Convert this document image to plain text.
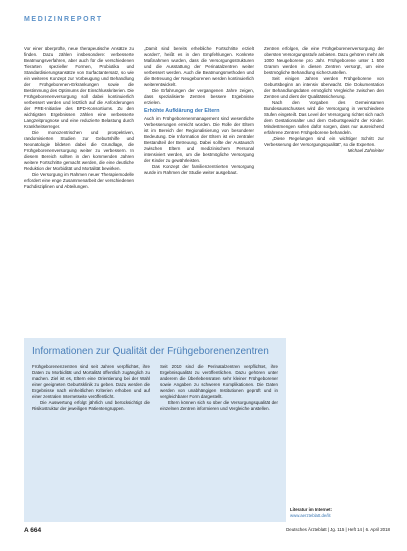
MEDIZINREPORT

Vor einer überprüfte, neue therapeutische Ansätze zu finden. Dazu zählen insbesondere: verbesserte Beatmungsverfahren, aber auch für die verschiedenen Tierarten spezieller Formen, Probiotika und Standardisierungsansätze von Surfactantersatz, so wie ein weiteres Konzept zur Vorbeugung und Behandlung der Frühgeborenen-Erkrankungen sowie die Bestimmung des Optimums der Einschlusskriterien. Die Frühgeborenenversorgung soll dabei kontinuierlich verbessert werden und letztlich auf die Anforderungen der PRE-Initiative des BPD-Konsortiums. Zu den wichtigsten Ergebnissen zählen eine verbesserte Langzeitprognose und eine reduzierte Belastung durch Krankheitserreger.

Die monozentrischen und prospektiven, randomisierten Studien zur Geburtshilfe und Neonatologie bildeten dabei die Grundlage, die Frühgeborenenversorgung weiter zu verbessern. In diesem Bereich sollten in den kommenden Jahren weitere Fortschritte gemacht werden, die eine deutliche Reduktion der Morbidität und Mortalität bewirken.

Die Versorgung im Rahmen neuer Therapiemodelle erfordert eine enge Zusammenarbeit der verschiedenen Fachdisziplinen und Abteilungen.

„Damit sind bereits erhebliche Fortschritte erzielt worden“, heißt es in den Empfehlungen. Konkrete Maßnahmen wurden, dass die Versorgungsstrukturen und die Ausstattung der Perinatalzentren weiter verbessert werden. Auch die Beatmungsmethoden und die Betreuung der Neugeborenen werden kontinuierlich weiterentwickelt.

Die Erfahrungen der vergangenen Jahre zeigen, dass spezialisierte Zentren bessere Ergebnisse erzielen.

Erhöhte Aufklärung der Eltern

Auch im Frühgeborenenmanagement sind wesentliche Verbesserungen erreicht worden. Die Rolle der Eltern ist im Bereich der Regionalisierung von besonderer Bedeutung. Die Information der Eltern ist ein zentraler Bestandteil der Betreuung. Dabei sollte der Austausch zwischen Eltern und medizinischem Personal intensiviert werden, um die bestmögliche Versorgung der Kinder zu gewährleisten.

Das Konzept der familienzentrierten Versorgung wurde im Rahmen der Studie weiter ausgebaut.

Zentren erfolgen, die eine Frühgeborenenversorgung der obersten Versorgungsstufe anbieten. Dazu gehören mehr als 1000 Neugeborene pro Jahr. Frühgeborene unter 1 500 Gramm werden in diesen Zentren versorgt, um eine bestmögliche Behandlung sicherzustellen.

Seit einigen Jahren werden Frühgeborene von Geburtsbeginn an intensiv überwacht. Die Dokumentation der Behandlungsdaten ermöglicht Vergleiche zwischen den Zentren und dient der Qualitätssicherung.

Nach den Vorgaben des Gemeinsamen Bundesausschusses wird die Versorgung in verschiedene Stufen eingeteilt. Das Level der Versorgung richtet sich nach dem Gestationsalter und dem Geburtsgewicht der Kinder. Mindestmengen sollen dafür sorgen, dass nur ausreichend erfahrene Zentren Frühgeborene behandeln.

„Diese Regelungen sind ein wichtiger Schritt zur Verbesserung der Versorgungsqualität“, so die Experten.

Michael Zahnleiter

Informationen zur Qualität der Frühgeborenenzentren

Frühgeborenenzentren sind seit Jahren verpflichtet, ihre Daten zu Morbidität und Mortalität öffentlich zugänglich zu machen. Ziel ist es, Eltern eine Orientierung bei der Wahl einer geeigneten Geburtsklinik zu geben. Dazu werden die Ergebnisse nach einheitlichen Kriterien erhoben und auf einer zentralen Internetseite veröffentlicht.

Die Auswertung erfolgt jährlich und berücksichtigt die Risikostruktur der jeweiligen Patientengruppen.

Seit 2010 sind die Perinatalzentren verpflichtet, ihre Ergebnisqualität zu veröffentlichen. Dazu gehören unter anderem die Überlebensraten sehr kleiner Frühgeborener sowie Angaben zu schweren Komplikationen. Die Daten werden von unabhängigen Institutionen geprüft und in vergleichbarer Form dargestellt.

Eltern können sich so über die Versorgungsqualität der einzelnen Zentren informieren und Vergleiche anstellen.

Literatur im Internet:
www.aerzteblatt.de/lit
A 664	Deutsches Ärzteblatt | Jg. 115 | Heft 14 | 6. April 2018
